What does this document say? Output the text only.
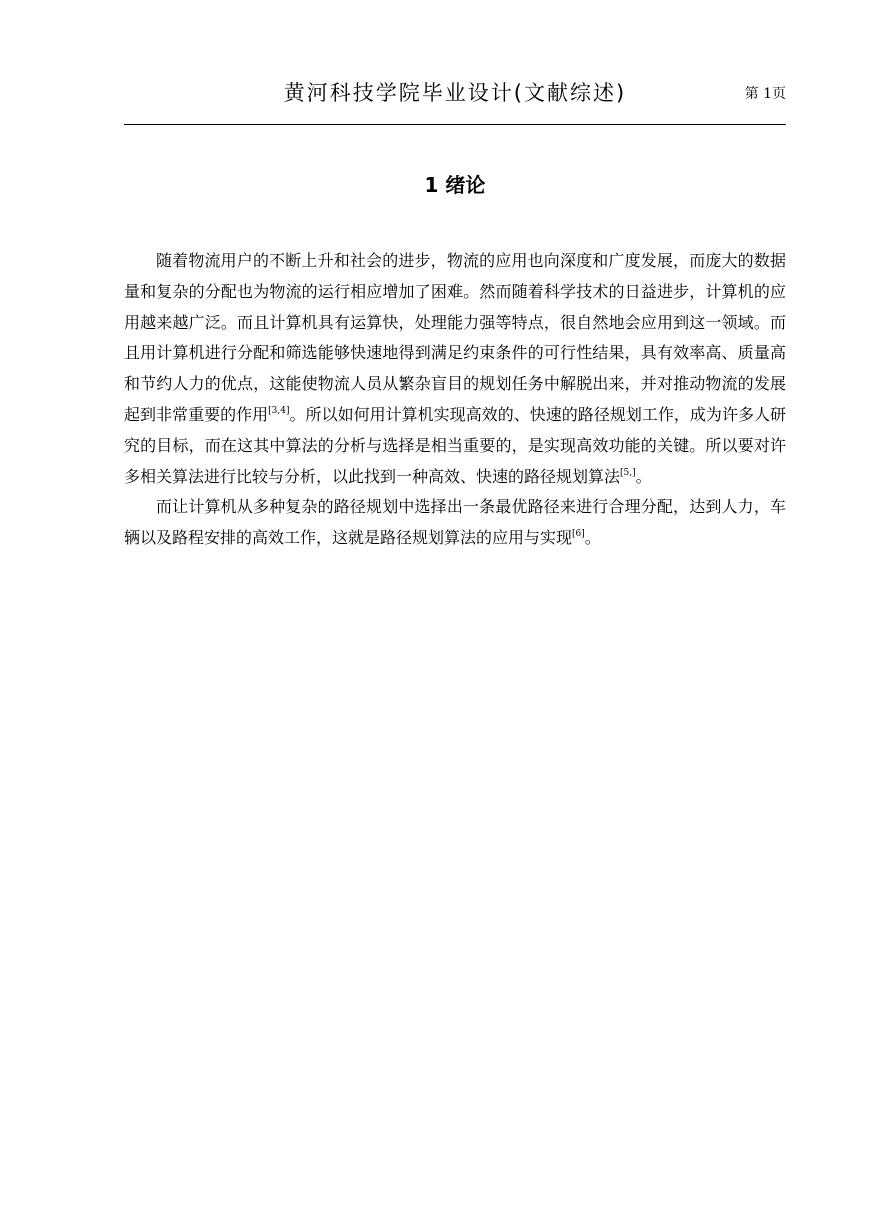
黄河科技学院毕业设计(文献综述)	第 1页
1 绪论

随着物流用户的不断上升和社会的进步，物流的应用也向深度和广度发展，而庞大的数据量和复杂的分配也为物流的运行相应增加了困难。然而随着科学技术的日益进步，计算机的应用越来越广泛。而且计算机具有运算快，处理能力强等特点，很自然地会应用到这一领域。而且用计算机进行分配和筛选能够快速地得到满足约束条件的可行性结果，具有效率高、质量高和节约人力的优点，这能使物流人员从繁杂盲目的规划任务中解脱出来，并对推动物流的发展起到非常重要的作用[3,4]。所以如何用计算机实现高效的、快速的路径规划工作，成为许多人研究的目标，而在这其中算法的分析与选择是相当重要的，是实现高效功能的关键。所以要对许多相关算法进行比较与分析，以此找到一种高效、快速的路径规划算法[5,]。

而让计算机从多种复杂的路径规划中选择出一条最优路径来进行合理分配，达到人力，车辆以及路程安排的高效工作，这就是路径规划算法的应用与实现[6]。
